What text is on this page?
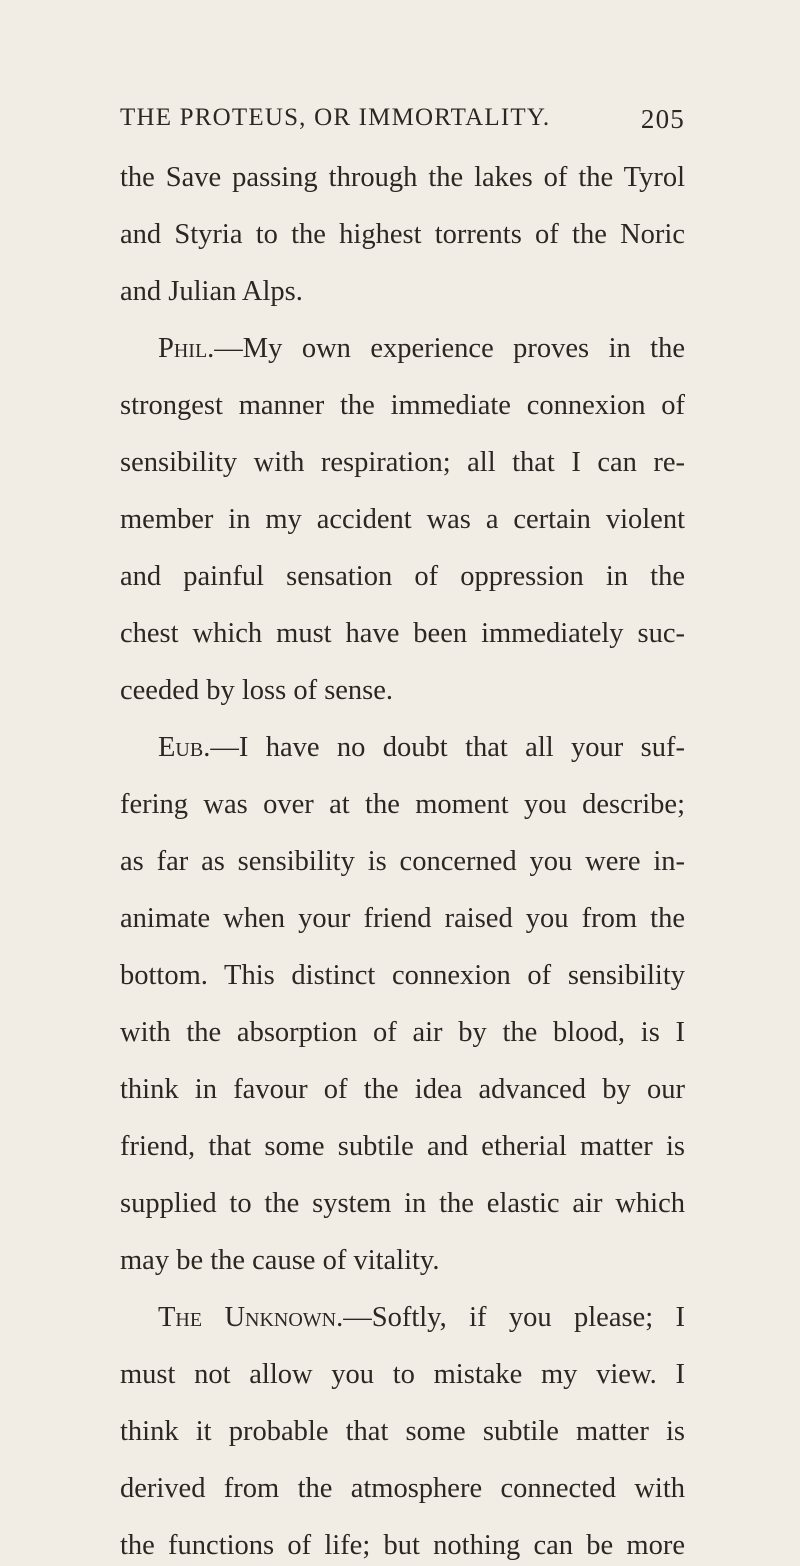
THE PROTEUS, OR IMMORTALITY.	205
the Save passing through the lakes of the Tyrol
and Styria to the highest torrents of the Noric
and Julian Alps.
Phil.—My own experience proves in the
strongest manner the immediate connexion of
sensibility with respiration; all that I can re-
member in my accident was a certain violent
and painful sensation of oppression in the
chest which must have been immediately suc-
ceeded by loss of sense.
Eub.—I have no doubt that all your suf-
fering was over at the moment you describe;
as far as sensibility is concerned you were in-
animate when your friend raised you from the
bottom. This distinct connexion of sensibility
with the absorption of air by the blood, is I
think in favour of the idea advanced by our
friend, that some subtile and etherial matter is
supplied to the system in the elastic air which
may be the cause of vitality.
The Unknown.—Softly, if you please; I
must not allow you to mistake my view. I
think it probable that some subtile matter is
derived from the atmosphere connected with
the functions of life; but nothing can be more
